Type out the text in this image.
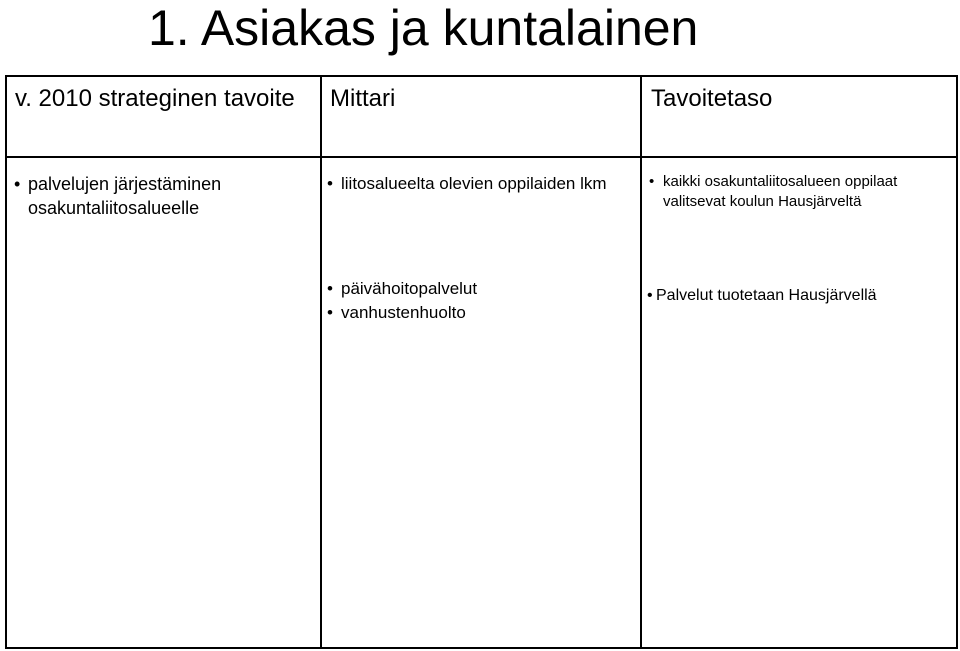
1. Asiakas ja kuntalainen
v. 2010 strateginen tavoite	Mittari	Tavoitetaso
• palvelujen järjestäminen osakuntaliitosalueelle
• liitosalueelta olevien oppilaiden lkm
•	kaikki osakuntaliitosalueen oppilaat valitsevat koulun Hausjärveltä
• päivähoitopalvelut
• vanhustenhuolto
• Palvelut tuotetaan Hausjärvellä
